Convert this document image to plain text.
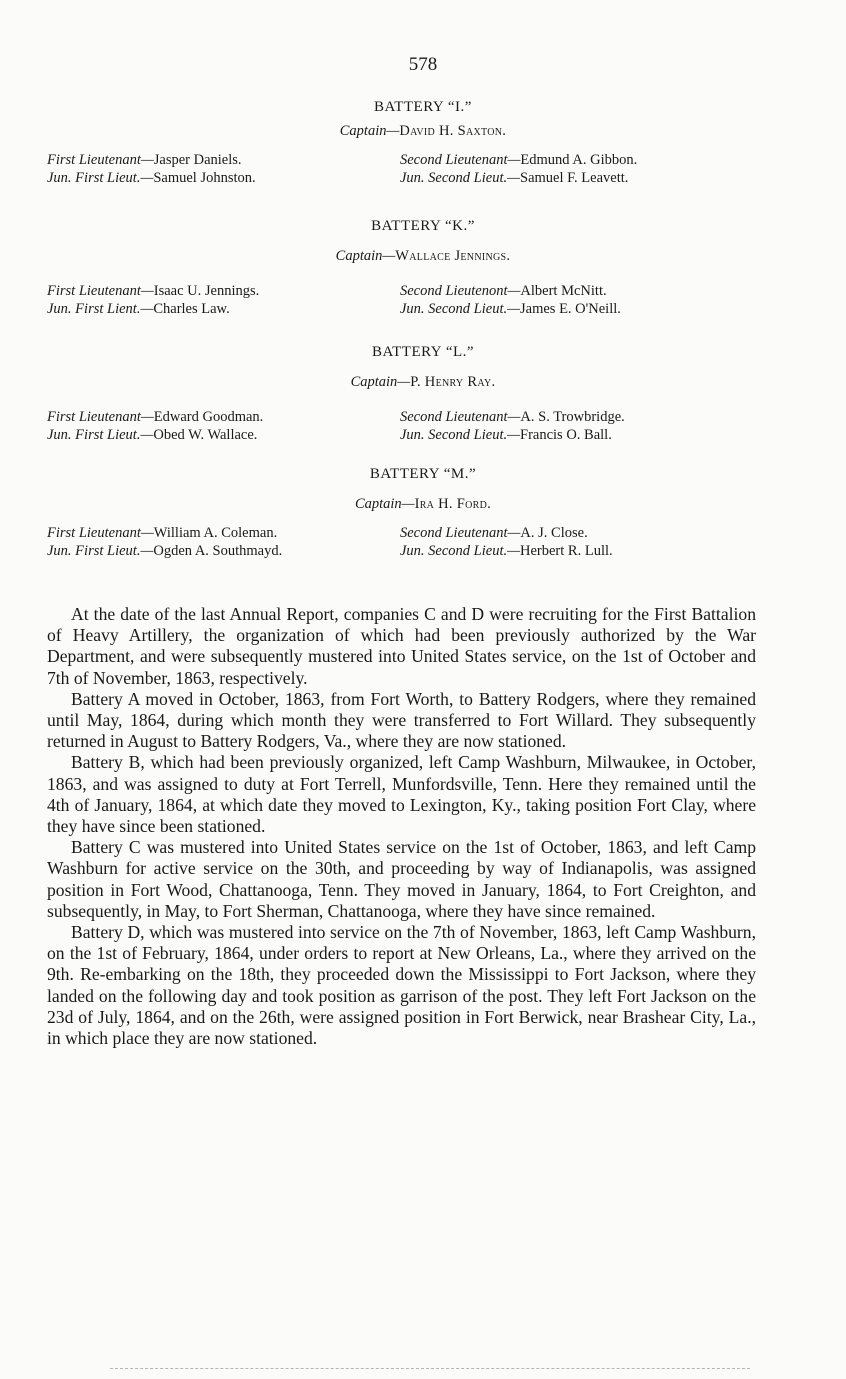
578
BATTERY “I.”
Captain—David H. Saxton.
First Lieutenant—Jasper Daniels.	Second Lieutenant—Edmund A. Gibbon.
Jun. First Lieut.—Samuel Johnston.	Jun. Second Lieut.—Samuel F. Leavett.
BATTERY “K.”
Captain—Wallace Jennings.
First Lieutenant—Isaac U. Jennings.	Second Lieutenont—Albert McNitt.
Jun. First Lient.—Charles Law.	Jun. Second Lieut.—James E. O'Neill.
BATTERY “L.”
Captain—P. Henry Ray.
First Lieutenant—Edward Goodman.	Second Lieutenant—A. S. Trowbridge.
Jun. First Lieut.—Obed W. Wallace.	Jun. Second Lieut.—Francis O. Ball.
BATTERY “M.”
Captain—Ira H. Ford.
First Lieutenant—William A. Coleman.	Second Lieutenant—A. J. Close.
Jun. First Lieut.—Ogden A. Southmayd.	Jun. Second Lieut.—Herbert R. Lull.

At the date of the last Annual Report, companies C and D were recruiting for the First Battalion of Heavy Artillery, the organization of which had been previously authorized by the War Department, and were subsequently mustered into United States service, on the 1st of October and 7th of November, 1863, respectively.

Battery A moved in October, 1863, from Fort Worth, to Battery Rodgers, where they remained until May, 1864, during which month they were transferred to Fort Willard. They subsequently returned in August to Battery Rodgers, Va., where they are now stationed.

Battery B, which had been previously organized, left Camp Washburn, Milwaukee, in October, 1863, and was assigned to duty at Fort Terrell, Munfordsville, Tenn. Here they remained until the 4th of January, 1864, at which date they moved to Lexington, Ky., taking position Fort Clay, where they have since been stationed.

Battery C was mustered into United States service on the 1st of October, 1863, and left Camp Washburn for active service on the 30th, and proceeding by way of Indianapolis, was assigned position in Fort Wood, Chattanooga, Tenn. They moved in January, 1864, to Fort Creighton, and subsequently, in May, to Fort Sherman, Chattanooga, where they have since remained.

Battery D, which was mustered into service on the 7th of November, 1863, left Camp Washburn, on the 1st of February, 1864, under orders to report at New Orleans, La., where they arrived on the 9th. Re-embarking on the 18th, they proceeded down the Mississippi to Fort Jackson, where they landed on the following day and took position as garrison of the post. They left Fort Jackson on the 23d of July, 1864, and on the 26th, were assigned position in Fort Berwick, near Brashear City, La., in which place they are now stationed.
